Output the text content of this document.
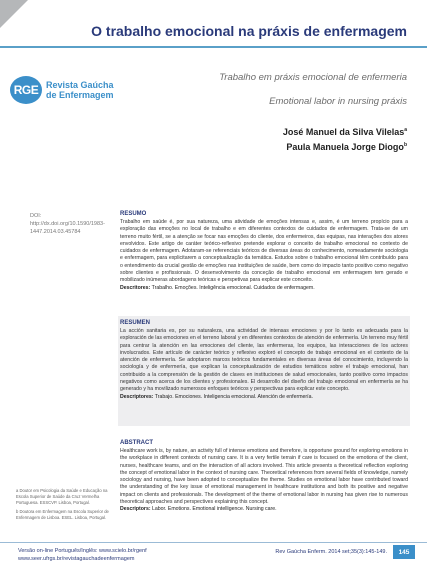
O trabalho emocional na práxis de enfermagem
RGE Revista Gaúcha
de Enfermagem
Trabalho em práxis emocional de enfermeria
Emotional labor in nursing práxis
José Manuel da Silva Vilelas$^a$
Paula Manuela Jorge Diogo$^b$
DOI: http://dx.doi.org/10.1590/1983-
1447.2014.03.45784

RESUMO

Trabalho em saúde é, por sua natureza, uma atividade de emoções intensas e, assim, é um terreno propício para a exploração das emoções no local de trabalho e em diferentes contextos de cuidados de enfermagem. Trata-se de um terreno muito fértil, se a atenção se focar nas emoções do cliente, dos enfermeiros, das equipas, nas interações dos atores envolvidos. Este artigo de caráter teórico-reflexivo pretende explorar o conceito de trabalho emocional no contexto de cuidados de enfermagem. Adotaram-se referenciais teóricos de diversas áreas do conhecimento, nomeadamente sociologia e enfermagem, para explicitarem a conceptualização da temática. Estudos sobre o trabalho emocional têm contribuído para o entendimento da crucial gestão de emoções nas instituições de saúde, bem como do impacto tanto positivo como negativo sobre clientes e profissionais. O desenvolvimento da conceção de trabalho emocional em enfermagem tem gerado e mobilizado inúmeras abordagens teóricas e perspetivas para explicar este conceito.

Descritores: Trabalho. Emoções. Inteligência emocional. Cuidados de enfermagem.

RESUMEN

La acción sanitaria es, por su naturaleza, una actividad de intensas emociones y por lo tanto es adecuada para la exploración de las emociones en el terreno laboral y en diferentes contextos de atención de enfermería. Un terreno muy fértil para centrar la atención en las emociones del cliente, las enfermeras, los equipos, las interacciones de los actores involucrados. Este artículo de carácter teórico y reflexivo exploró el concepto de trabajo emocional en el contexto de la atención de enfermería. Se adoptaron marcos teóricos fundamentales en diversas áreas del conocimiento, incluyendo la sociología y de enfermería, que explican la conceptualización de estudios temáticos sobre el trabajo emocional, han contribuido a la comprensión de la gestión de claves en instituciones de salud emocionales, tanto positivo como impactos negativos como acerca de los clientes y profesionales. El desarrollo del diseño del trabajo emocional en enfermería se ha generado y ha movilizado numerosos enfoques teóricos y perspectivas para explicar este concepto.

Descriptores: Trabajo. Emociones. Inteligencia emocional. Atención de enfermería.

ABSTRACT

Healthcare work is, by nature, an activity full of intense emotions and therefore, is opportune ground for exploring emotions in the workplace in different contexts of nursing care. It is a very fertile terrain if care is focused on the emotions of the client, nurses, healthcare teams, and on the interaction of all actors involved. This article presents a theoretical reflection exploring the concept of emotional labor in the context of nursing care. Theoretical references from several fields of knowledge, namely sociology and nursing, have been adopted to conceptualize the theme. Studies on emotional labor have contributed toward the understanding of the key issue of emotional management in healthcare institutions and both its positive and negative impact on clients and professionals. The development of the theme of emotional labor in nursing has given rise to numerous theoretical approaches and perspectives explaining this concept.

Descriptors: Labor. Emotions. Emotional intelligence. Nursing care.

a Doutor em Psicologia da Saúde e Educação na Escola Superior de Saúde da Cruz Vermelha Portuguesa. ESSCVP. Lisboa, Portugal.

b Doutora em Enfermagem na Escola Superior de Enfermagem de Lisboa. ESEL. Lisboa, Portugal.

Versão on-line Português/Inglês: www.scielo.br/rgenf
www.seer.ufrgs.br/revistagauchadeenfermagem
Rev Gaúcha Enferm. 2014 set;35(3):145-149.	145
